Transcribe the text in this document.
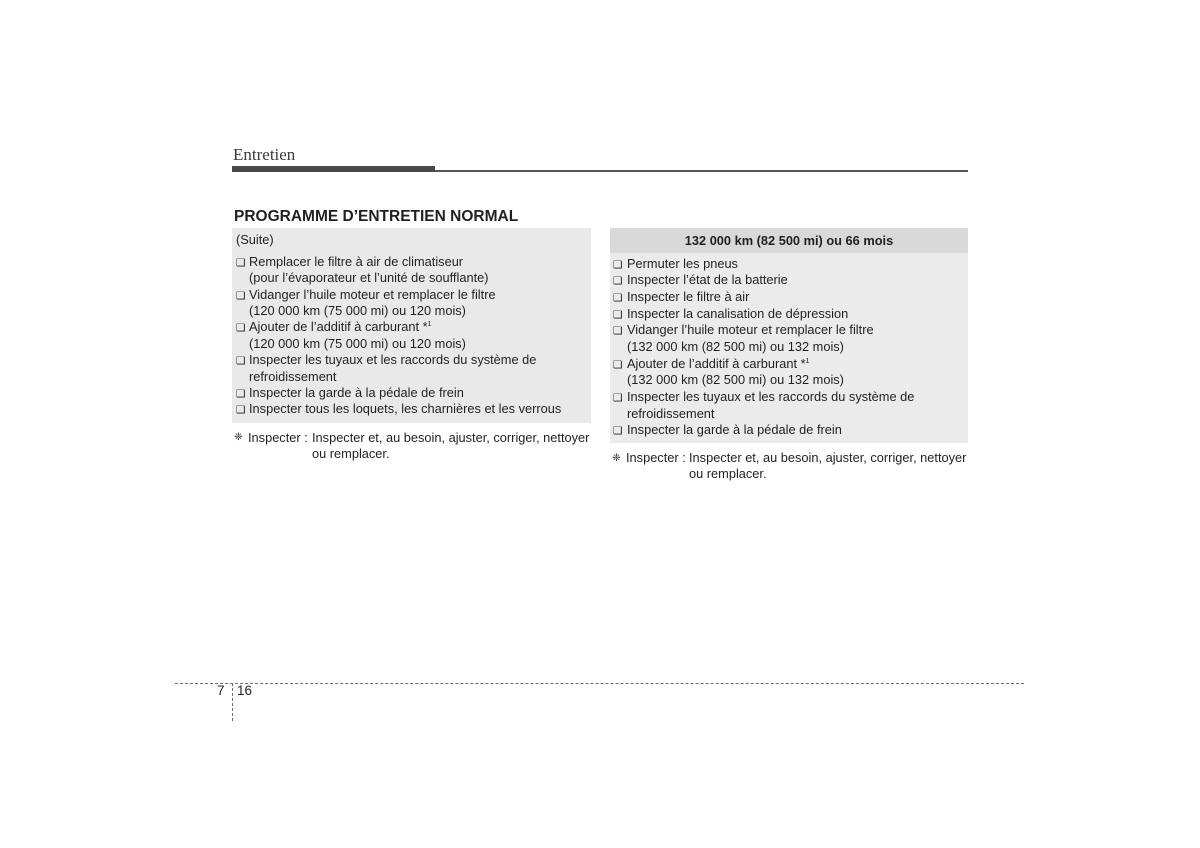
Entretien
PROGRAMME D’ENTRETIEN NORMAL
(Suite)
❑ Remplacer le filtre à air de climatiseur
(pour l’évaporateur et l’unité de soufflante)
❑ Vidanger l’huile moteur et remplacer le filtre
(120 000 km (75 000 mi) ou 120 mois)
❑ Ajouter de l’additif à carburant *$^1$
(120 000 km (75 000 mi) ou 120 mois)
❑ Inspecter les tuyaux et les raccords du système de
refroidissement
❑ Inspecter la garde à la pédale de frein
❑ Inspecter tous les loquets, les charnières et les verrous
❈ Inspecter : Inspecter et, au besoin, ajuster, corriger, nettoyer
ou remplacer.
132 000 km (82 500 mi) ou 66 mois
❑ Permuter les pneus
❑ Inspecter l’état de la batterie
❑ Inspecter le filtre à air
❑ Inspecter la canalisation de dépression
❑ Vidanger l’huile moteur et remplacer le filtre
(132 000 km (82 500 mi) ou 132 mois)
❑ Ajouter de l’additif à carburant *$^1$
(132 000 km (82 500 mi) ou 132 mois)
❑ Inspecter les tuyaux et les raccords du système de
refroidissement
❑ Inspecter la garde à la pédale de frein
❈ Inspecter : Inspecter et, au besoin, ajuster, corriger, nettoyer
ou remplacer.
7 16
